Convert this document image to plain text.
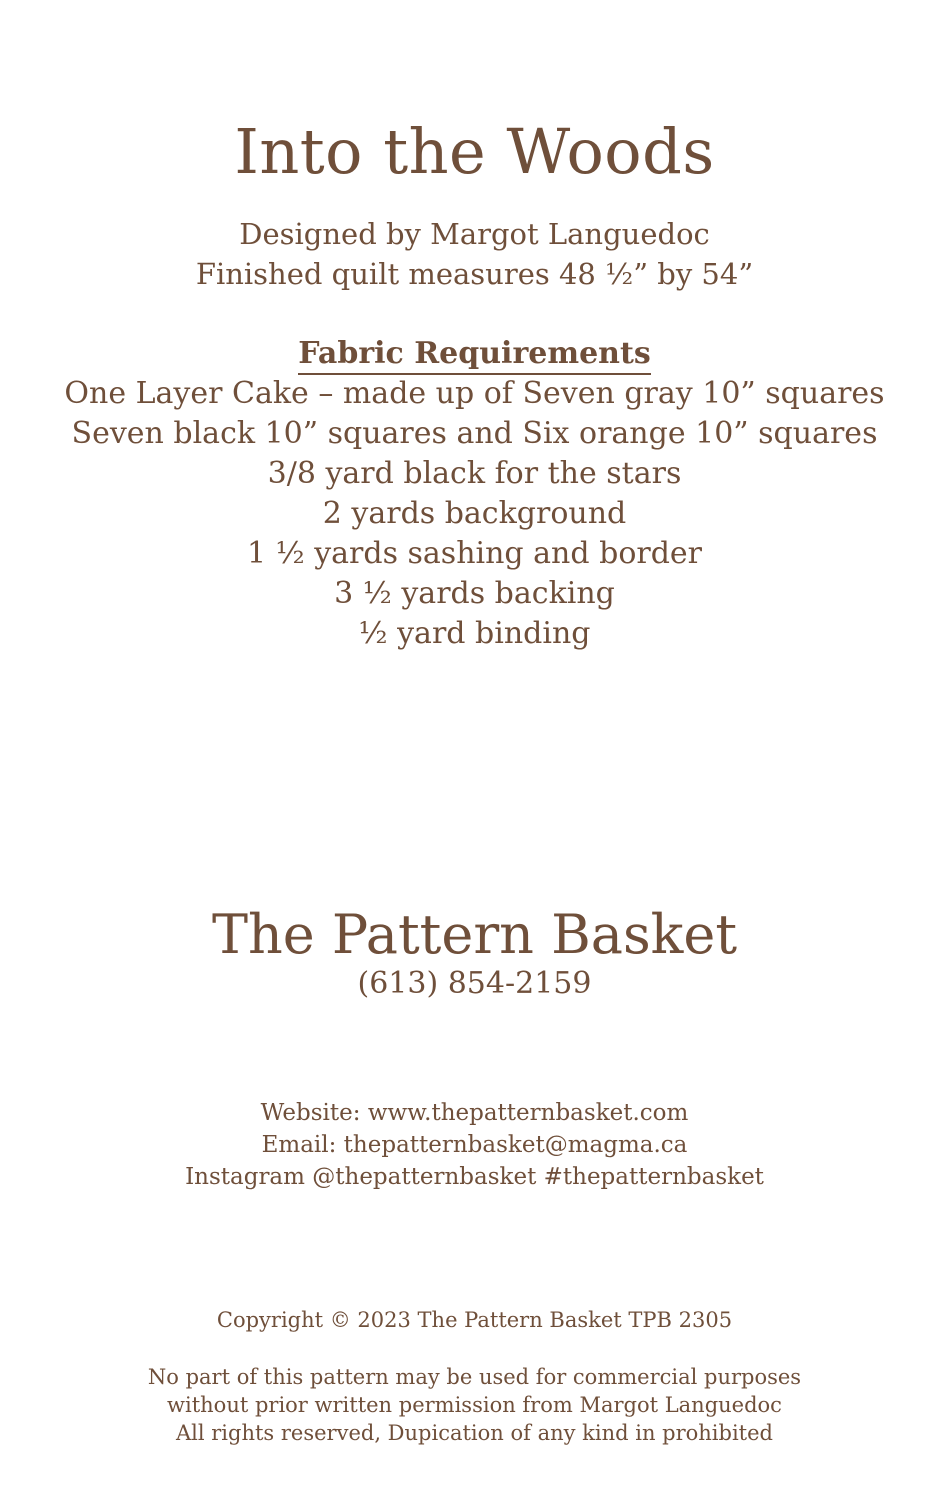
Into the Woods
Designed by Margot Languedoc
Finished quilt measures 48 ½” by 54”
Fabric Requirements
One Layer Cake – made up of Seven gray 10” squares
Seven black 10” squares and Six orange 10” squares
3/8 yard black for the stars
2 yards background
1 ½ yards sashing and border
3 ½ yards backing
½ yard binding
The Pattern Basket
(613) 854-2159
Website: www.thepatternbasket.com
Email: thepatternbasket@magma.ca
Instagram @thepatternbasket #thepatternbasket
Copyright © 2023 The Pattern Basket TPB 2305
No part of this pattern may be used for commercial purposes
without prior written permission from Margot Languedoc
All rights reserved, Dupication of any kind in prohibited
